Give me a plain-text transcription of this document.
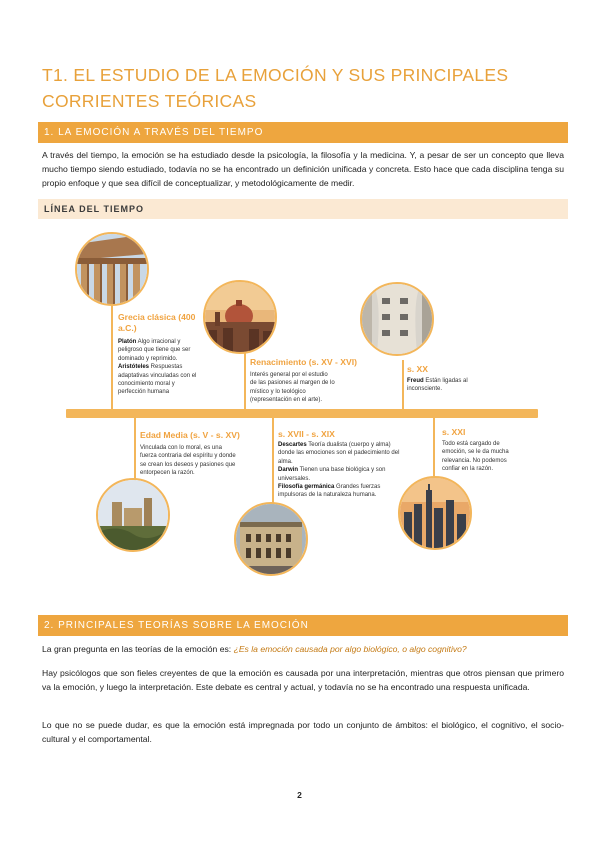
T1. EL ESTUDIO DE LA EMOCIÓN Y SUS PRINCIPALES CORRIENTES TEÓRICAS
1. LA EMOCIÓN A TRAVÉS DEL TIEMPO
A través del tiempo, la emoción se ha estudiado desde la psicología, la filosofía y la medicina. Y, a pesar de ser un concepto que lleva mucho tiempo siendo estudiado, todavía no se ha encontrado un definición unificada y concreta. Esto hace que cada disciplina tenga su propio enfoque y que sea difícil de conceptualizar, y metodológicamente de medir.
LÍNEA DEL TIEMPO
Grecia clásica (400 a.C.)
Platón Algo irracional y
peligroso que tiene que ser
dominado y reprimido.
Aristóteles Respuestas
adaptativas vinculadas con el
conocimiento moral y
perfección humana
Renacimiento (s. XV - XVI)
Interés general por el estudio
de las pasiones al margen de lo
místico y lo teológico
(representación en el arte).
s. XX
Freud Están ligadas al
inconsciente.
Edad Media (s. V - s. XV)
Vinculada con lo moral, es una
fuerza contraria del espíritu y donde
se crean los deseos y pasiones que
entorpecen la razón.
s. XVII - s. XIX
Descartes Teoría dualista (cuerpo y alma)
donde las emociones son el padecimiento del
alma.
Darwin Tienen una base biológica y son
universales.
Filosofía germánica Grandes fuerzas
impulsoras de la naturaleza humana.
s. XXI
Todo está cargado de
emoción, se le da mucha
relevancia. No podemos
confiar en la razón.
2. PRINCIPALES TEORÍAS SOBRE LA EMOCIÓN
La gran pregunta en las teorías de la emoción es: ¿Es la emoción causada por algo biológico, o algo cognitivo?
Hay psicólogos que son fieles creyentes de que la emoción es causada por una interpretación, mientras que otros piensan que primero va la emoción, y luego la interpretación. Este debate es central y actual, y todavía no se ha encontrado una respuesta unificada.
Lo que no se puede dudar, es que la emoción está impregnada por todo un conjunto de ámbitos: el biológico, el cognitivo, el socio-cultural y el comportamental.
2
